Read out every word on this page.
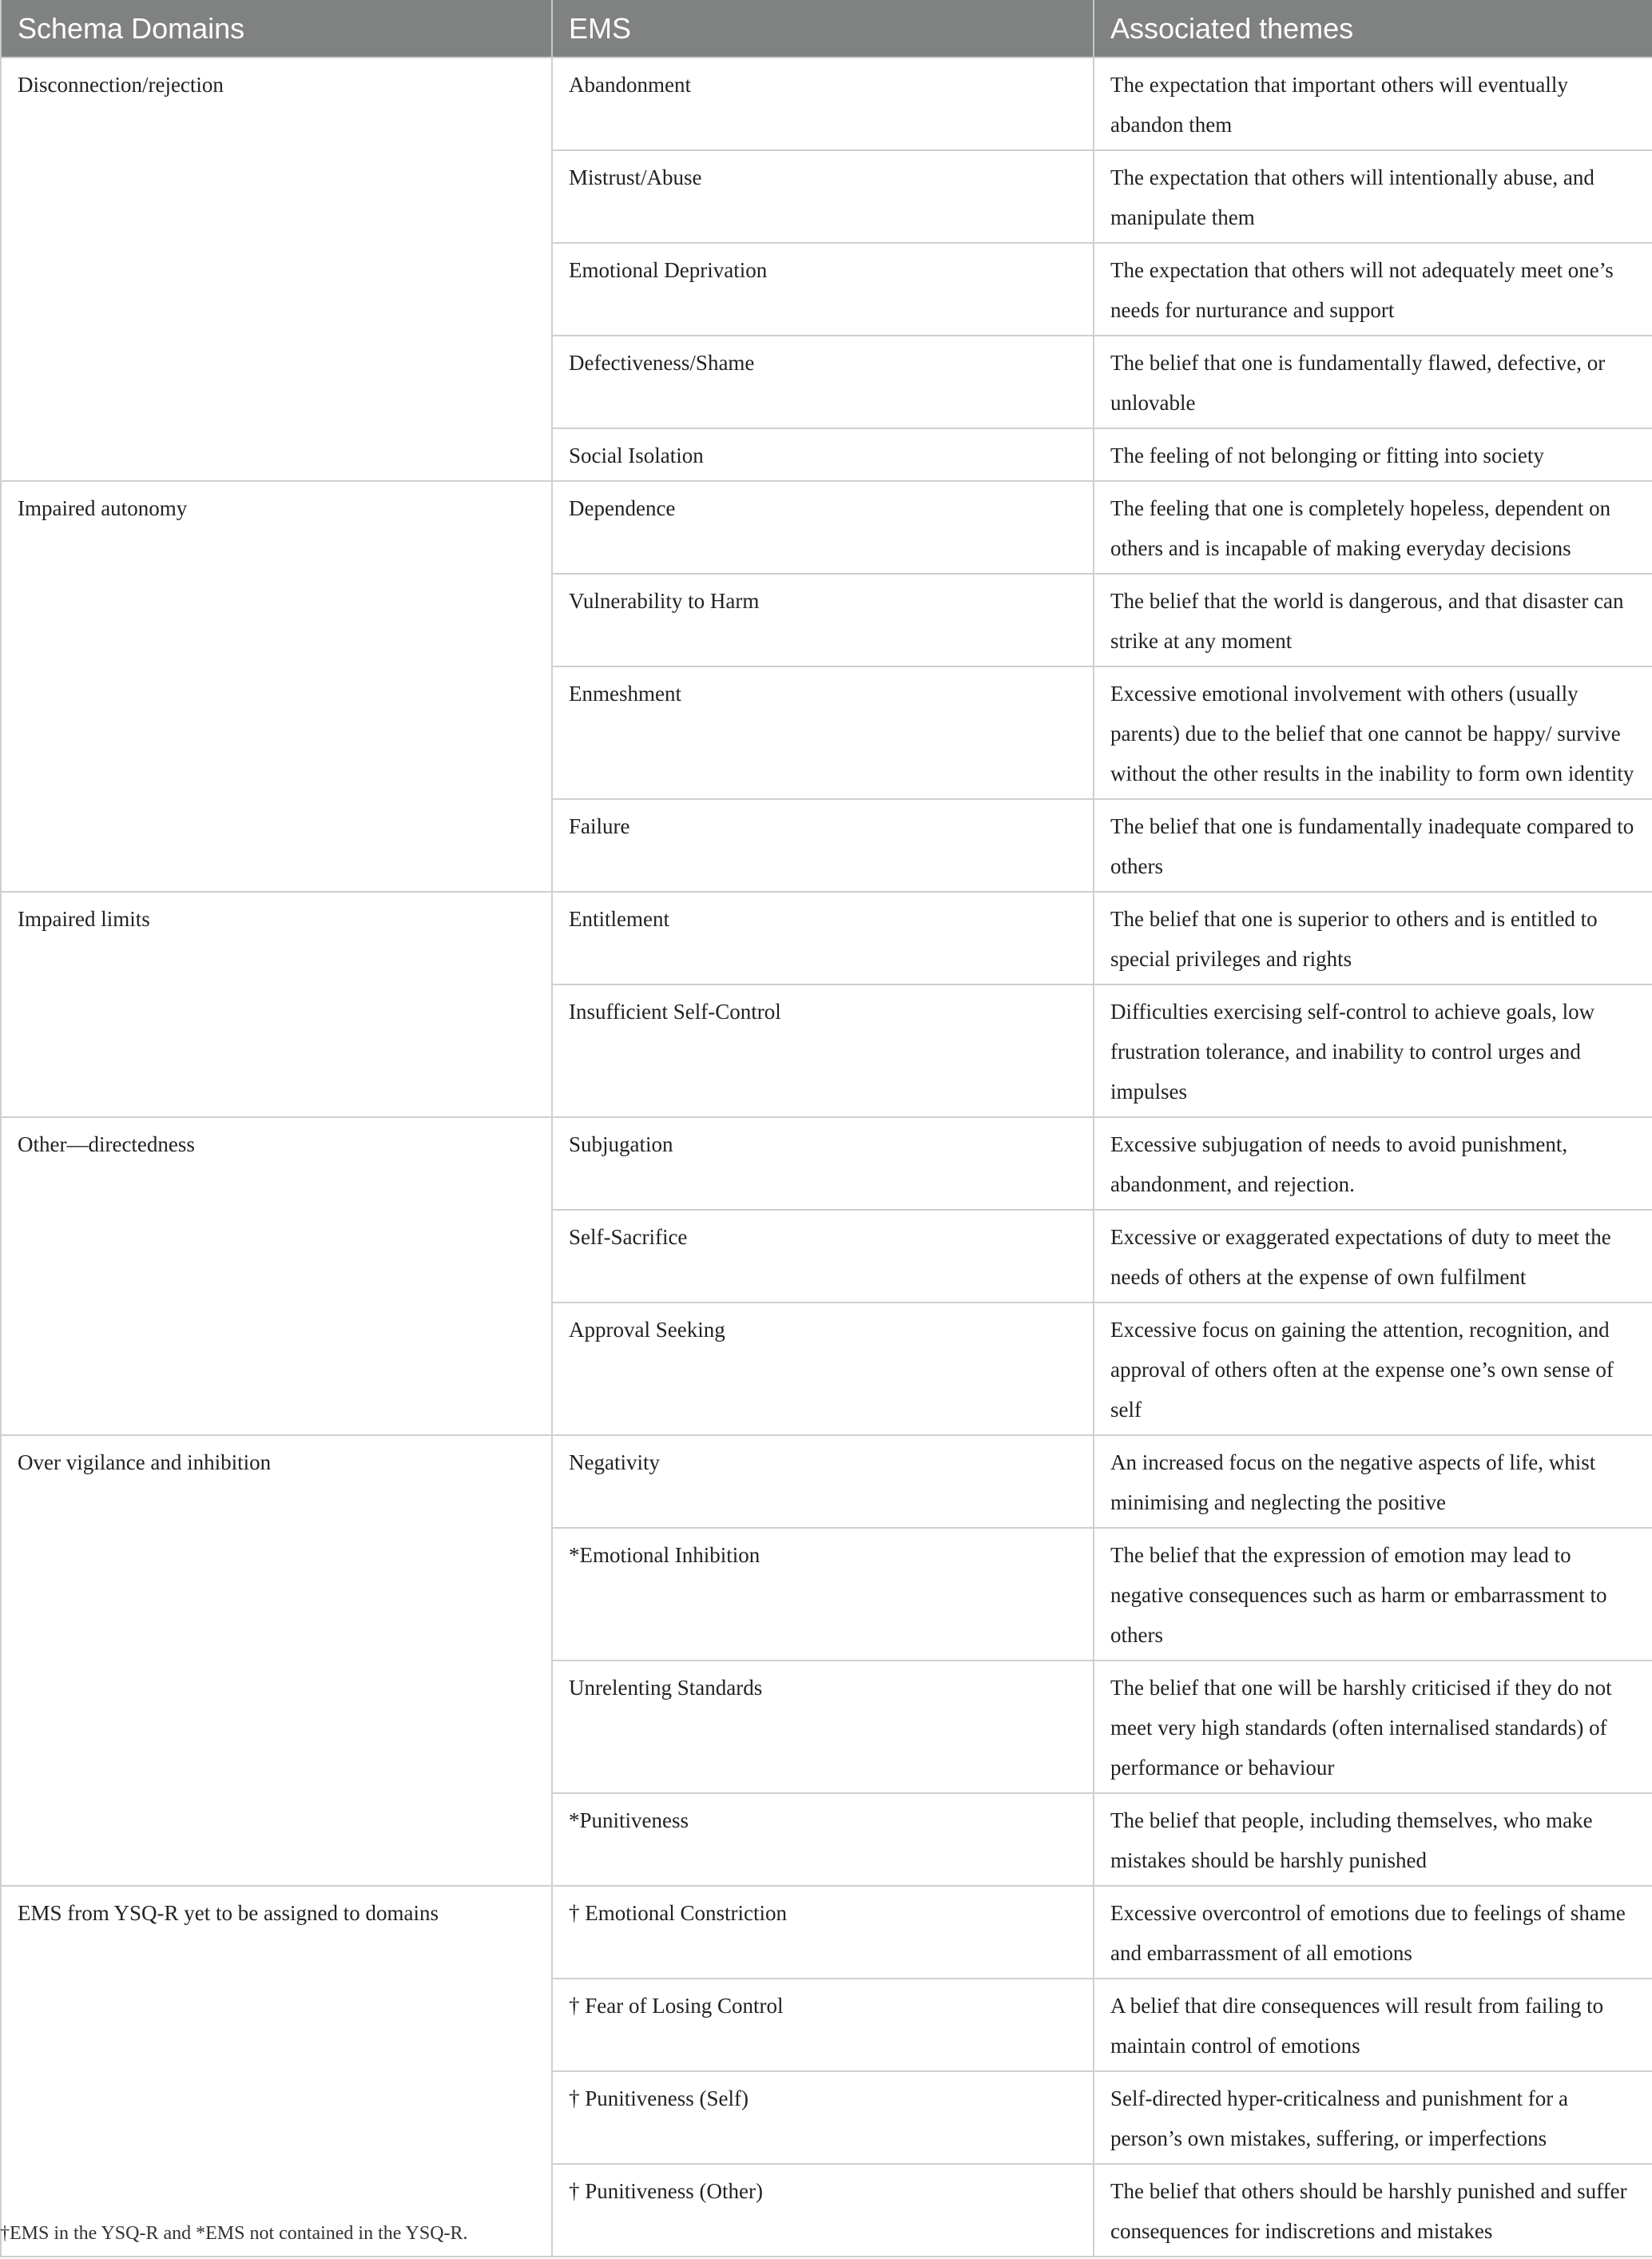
Schema Domains	EMS	Associated themes
Disconnection/rejection	Abandonment	The expectation that important others will eventually abandon them
	Mistrust/Abuse	The expectation that others will intentionally abuse, and manipulate them
	Emotional Deprivation	The expectation that others will not adequately meet one’s needs for nurturance and support
	Defectiveness/Shame	The belief that one is fundamentally flawed, defective, or unlovable
	Social Isolation	The feeling of not belonging or fitting into society
Impaired autonomy	Dependence	The feeling that one is completely hopeless, dependent on others and is incapable of making everyday decisions
	Vulnerability to Harm	The belief that the world is dangerous, and that disaster can strike at any moment
	Enmeshment	Excessive emotional involvement with others (usually parents) due to the belief that one cannot be happy/ survive without the other results in the inability to form own identity
	Failure	The belief that one is fundamentally inadequate compared to others
Impaired limits	Entitlement	The belief that one is superior to others and is entitled to special privileges and rights
	Insufficient Self-Control	Difficulties exercising self-control to achieve goals, low frustration tolerance, and inability to control urges and impulses
Other—directedness	Subjugation	Excessive subjugation of needs to avoid punishment, abandonment, and rejection.
	Self-Sacrifice	Excessive or exaggerated expectations of duty to meet the needs of others at the expense of own fulfilment
	Approval Seeking	Excessive focus on gaining the attention, recognition, and approval of others often at the expense one’s own sense of self
Over vigilance and inhibition	Negativity	An increased focus on the negative aspects of life, whist minimising and neglecting the positive
	*Emotional Inhibition	The belief that the expression of emotion may lead to negative consequences such as harm or embarrassment to others
	Unrelenting Standards	The belief that one will be harshly criticised if they do not meet very high standards (often internalised standards) of performance or behaviour
	*Punitiveness	The belief that people, including themselves, who make mistakes should be harshly punished
EMS from YSQ-R yet to be assigned to domains	† Emotional Constriction	Excessive overcontrol of emotions due to feelings of shame and embarrassment of all emotions
	† Fear of Losing Control	A belief that dire consequences will result from failing to maintain control of emotions
	† Punitiveness (Self)	Self-directed hyper-criticalness and punishment for a person’s own mistakes, suffering, or imperfections
	† Punitiveness (Other)	The belief that others should be harshly punished and suffer consequences for indiscretions and mistakes
†EMS in the YSQ-R and *EMS not contained in the YSQ-R.
